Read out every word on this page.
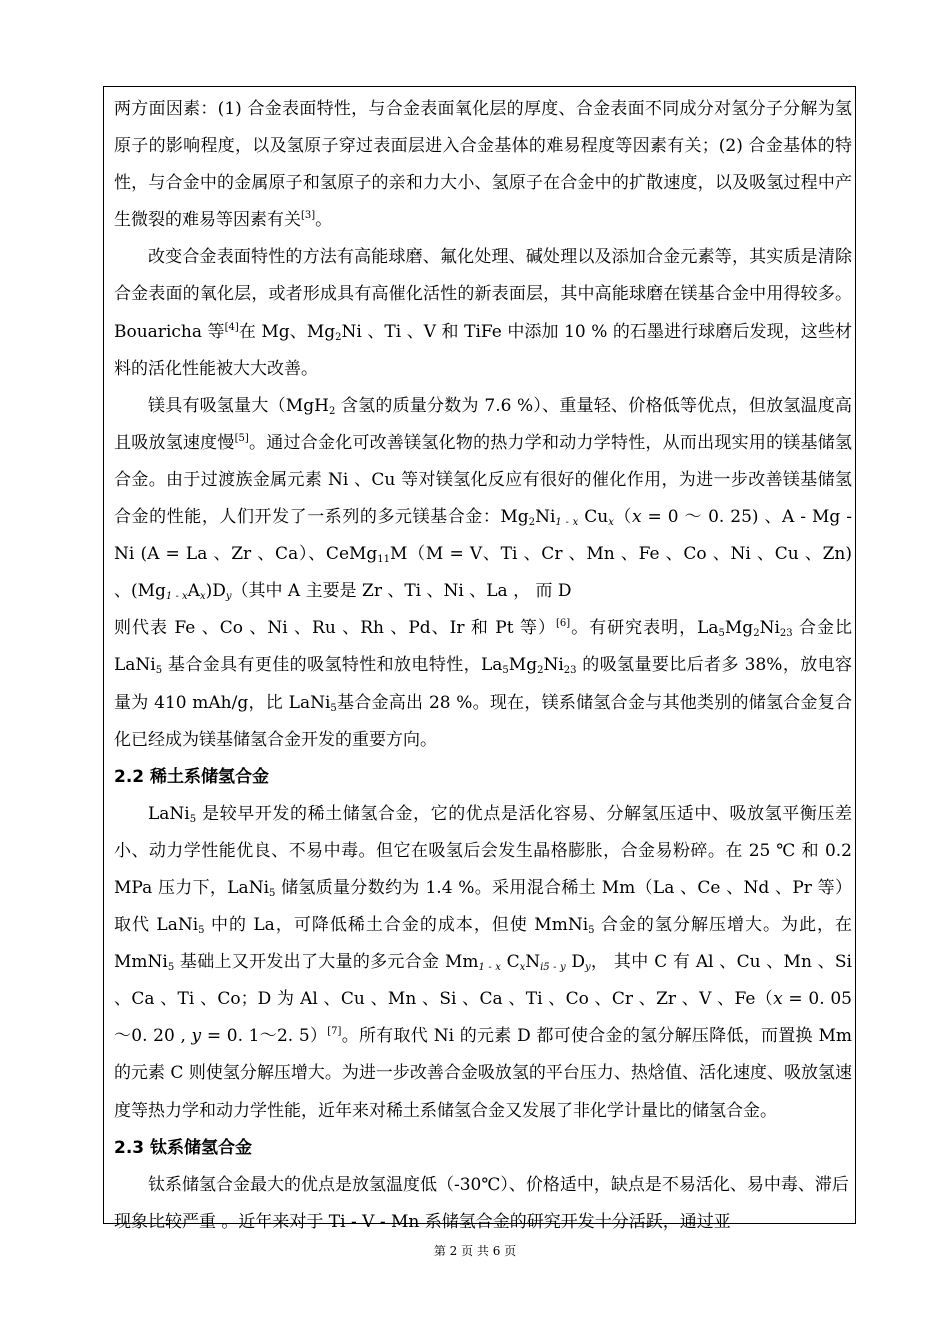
两方面因素：(1) 合金表面特性，与合金表面氧化层的厚度、合金表面不同成分对氢分子分解为氢原子的影响程度，以及氢原子穿过表面层进入合金基体的难易程度等因素有关；(2) 合金基体的特性，与合金中的金属原子和氢原子的亲和力大小、氢原子在合金中的扩散速度，以及吸氢过程中产生微裂的难易等因素有关[3]。

改变合金表面特性的方法有高能球磨、氟化处理、碱处理以及添加合金元素等，其实质是清除合金表面的氧化层，或者形成具有高催化活性的新表面层，其中高能球磨在镁基合金中用得较多。Bouaricha 等[4]在 Mg、$Mg_2Ni$ 、Ti 、V 和 TiFe 中添加 10 % 的石墨进行球磨后发现，这些材料的活化性能被大大改善。

镁具有吸氢量大（MgH$_2$ 含氢的质量分数为 7.6 %）、重量轻、价格低等优点，但放氢温度高且吸放氢速度慢[5]。通过合金化可改善镁氢化物的热力学和动力学特性，从而出现实用的镁基储氢合金。由于过渡族金属元素 Ni 、Cu 等对镁氢化反应有很好的催化作用，为进一步改善镁基储氢合金的性能，人们开发了一系列的多元镁基合金：$Mg_2Ni_{1 - x}$ $Cu_x(x = 0$ ～ 0. 25) 、A - Mg - Ni (A = La 、Zr 、Ca）、CeMg$_{11}$M（M = V、Ti 、Cr 、Mn 、Fe 、Co 、Ni 、Cu 、Zn) 、$(Mg_{1 - x}A_x)D_y$（其中 A 主要是 Zr 、Ti 、Ni 、La ， 而 D

则代表 Fe 、Co 、Ni 、Ru 、Rh 、Pd、Ir 和 Pt 等）[6]。有研究表明，$La_5Mg_2Ni_{23}$ 合金比 LaNi$_5$ 基合金具有更佳的吸氢特性和放电特性，$La_5Mg_2Ni_{23}$ 的吸氢量要比后者多 38%，放电容量为 410 mAh/g，比 LaNi$_5$基合金高出 28 %。现在，镁系储氢合金与其他类别的储氢合金复合化已经成为镁基储氢合金开发的重要方向。

2.2 稀土系储氢合金

LaNi$_5$ 是较早开发的稀土储氢合金，它的优点是活化容易、分解氢压适中、吸放氢平衡压差小、动力学性能优良、不易中毒。但它在吸氢后会发生晶格膨胀，合金易粉碎。在 25 ℃ 和 0.2 MPa 压力下，LaNi$_5$ 储氢质量分数约为 1.4 %。采用混合稀土 Mm（La 、Ce 、Nd 、Pr 等）取代 LaNi$_5$ 中的 La，可降低稀土合金的成本，但使 MmNi$_5$ 合金的氢分解压增大。为此，在 MmNi$_5$ 基础上又开发出了大量的多元合金 $Mm_{1 - x}$ $C_xN_{i5 - y}$ $D_y$， 其中 C 有 Al 、Cu 、Mn 、Si 、Ca 、Ti 、Co；D 为 Al 、Cu 、Mn 、Si 、Ca 、Ti 、Co 、Cr 、Zr 、V 、Fe（x = 0. 05～0. 20 , y = 0. 1～2. 5）[7]。所有取代 Ni 的元素 D 都可使合金的氢分解压降低，而置换 Mm 的元素 C 则使氢分解压增大。为进一步改善合金吸放氢的平台压力、热焓值、活化速度、吸放氢速度等热力学和动力学性能，近年来对稀土系储氢合金又发展了非化学计量比的储氢合金。

2.3 钛系储氢合金

钛系储氢合金最大的优点是放氢温度低（-30℃）、价格适中，缺点是不易活化、易中毒、滞后现象比较严重 。近年来对于 Ti - V - Mn 系储氢合金的研究开发十分活跃，通过亚

第 2 页 共 6 页
